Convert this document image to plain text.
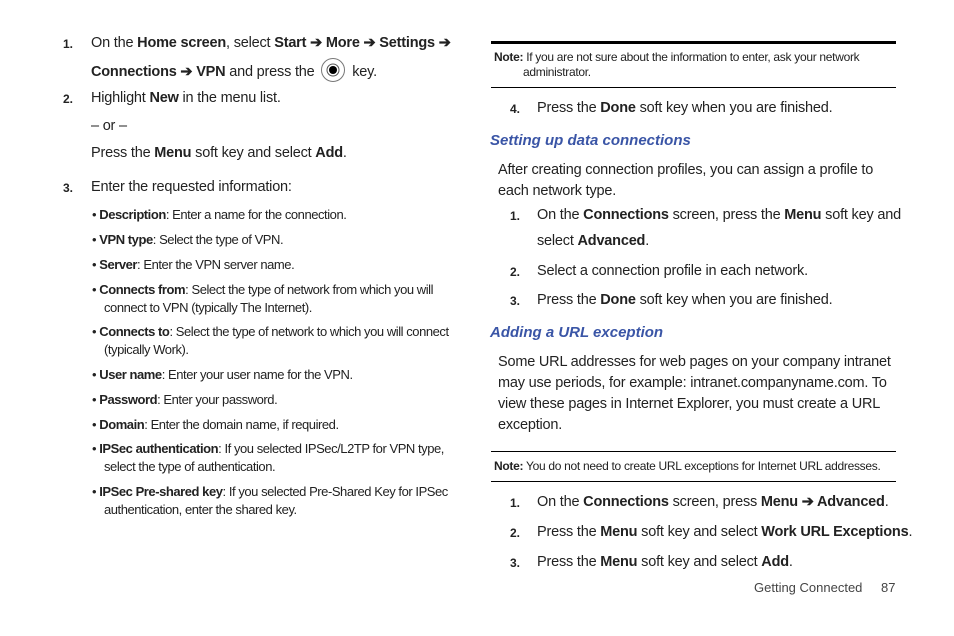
1. On the Home screen, select Start ➔ More ➔ Settings ➔
Connections ➔ VPN and press the  key.
2. Highlight New in the menu list.
– or –
Press the Menu soft key and select Add.
3. Enter the requested information:
• Description: Enter a name for the connection.
• VPN type: Select the type of VPN.
• Server: Enter the VPN server name.
• Connects from: Select the type of network from which you will connect to VPN (typically The Internet).
• Connects to: Select the type of network to which you will connect (typically Work).
• User name: Enter your user name for the VPN.
• Password: Enter your password.
• Domain: Enter the domain name, if required.
• IPSec authentication: If you selected IPSec/L2TP for VPN type, select the type of authentication.
• IPSec Pre-shared key: If you selected Pre-Shared Key for IPSec authentication, enter the shared key.
Note: If you are not sure about the information to enter, ask your network administrator.
4. Press the Done soft key when you are finished.
Setting up data connections
After creating connection profiles, you can assign a profile to each network type.
1. On the Connections screen, press the Menu soft key and
select Advanced.
2. Select a connection profile in each network.
3. Press the Done soft key when you are finished.
Adding a URL exception
Some URL addresses for web pages on your company intranet may use periods, for example: intranet.companyname.com. To view these pages in Internet Explorer, you must create a URL exception.
Note: You do not need to create URL exceptions for Internet URL addresses.
1. On the Connections screen, press Menu ➔ Advanced.
2. Press the Menu soft key and select Work URL Exceptions.
3. Press the Menu soft key and select Add.
Getting Connected 87
